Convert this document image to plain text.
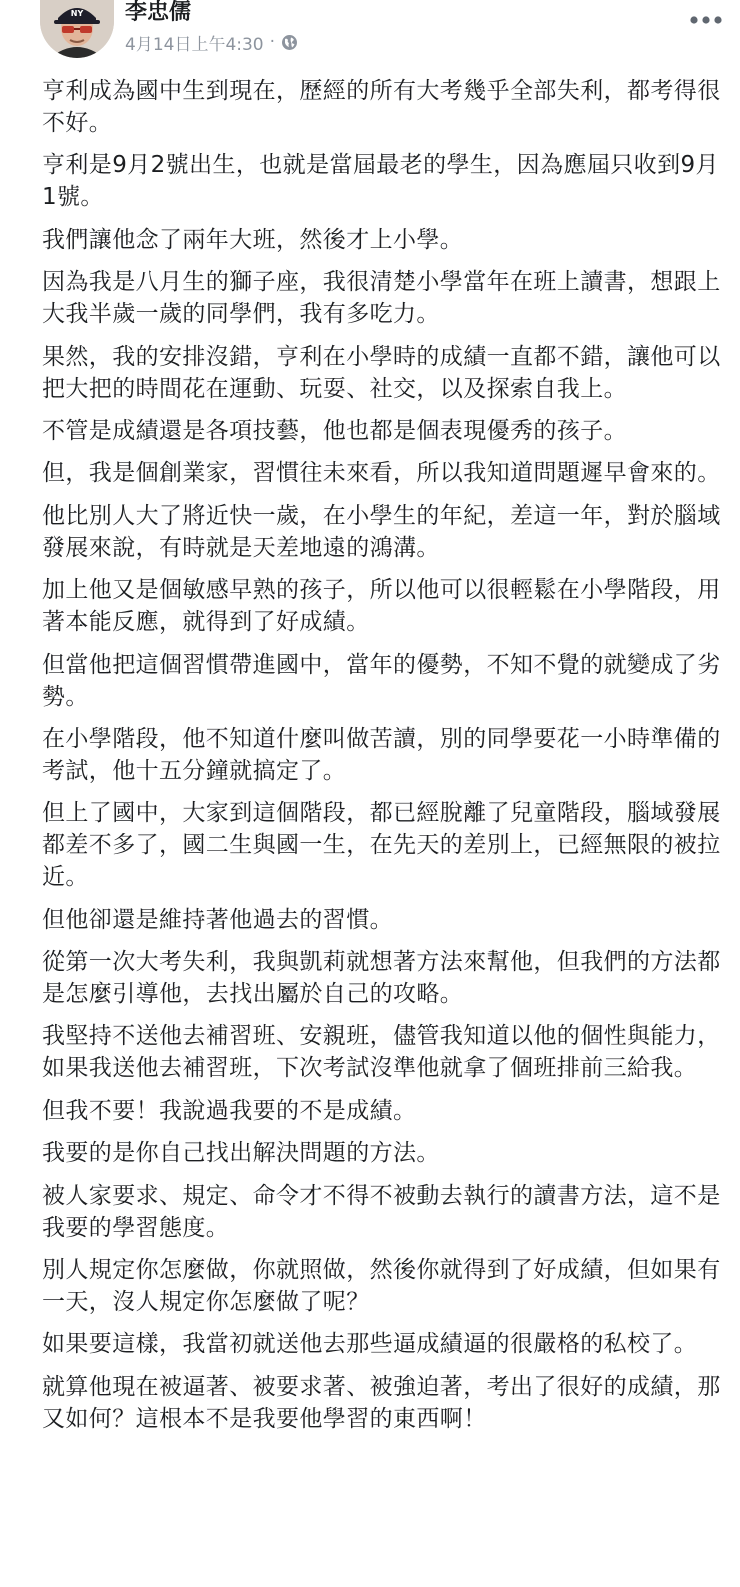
NY 李忠儒
4月14日上午4:30 ·

亨利成為國中生到現在，歷經的所有大考幾乎全部失利，都考得很不好。

亨利是9月2號出生，也就是當屆最老的學生，因為應屆只收到9月1號。

我們讓他念了兩年大班，然後才上小學。

因為我是八月生的獅子座，我很清楚小學當年在班上讀書，想跟上大我半歲一歲的同學們，我有多吃力。

果然，我的安排沒錯，亨利在小學時的成績一直都不錯，讓他可以把大把的時間花在運動、玩耍、社交，以及探索自我上。

不管是成績還是各項技藝，他也都是個表現優秀的孩子。

但，我是個創業家，習慣往未來看，所以我知道問題遲早會來的。

他比別人大了將近快一歲，在小學生的年紀，差這一年，對於腦域發展來說，有時就是天差地遠的鴻溝。

加上他又是個敏感早熟的孩子，所以他可以很輕鬆在小學階段，用著本能反應，就得到了好成績。

但當他把這個習慣帶進國中，當年的優勢，不知不覺的就變成了劣勢。

在小學階段，他不知道什麼叫做苦讀，別的同學要花一小時準備的考試，他十五分鐘就搞定了。

但上了國中，大家到這個階段，都已經脫離了兒童階段，腦域發展都差不多了，國二生與國一生，在先天的差別上，已經無限的被拉近。

但他卻還是維持著他過去的習慣。

從第一次大考失利，我與凱莉就想著方法來幫他，但我們的方法都是怎麼引導他，去找出屬於自己的攻略。

我堅持不送他去補習班、安親班，儘管我知道以他的個性與能力，如果我送他去補習班，下次考試沒準他就拿了個班排前三給我。

但我不要！我說過我要的不是成績。

我要的是你自己找出解決問題的方法。

被人家要求、規定、命令才不得不被動去執行的讀書方法，這不是我要的學習態度。

別人規定你怎麼做，你就照做，然後你就得到了好成績，但如果有一天，沒人規定你怎麼做了呢？

如果要這樣，我當初就送他去那些逼成績逼的很嚴格的私校了。

就算他現在被逼著、被要求著、被強迫著，考出了很好的成績，那又如何？這根本不是我要他學習的東西啊！
